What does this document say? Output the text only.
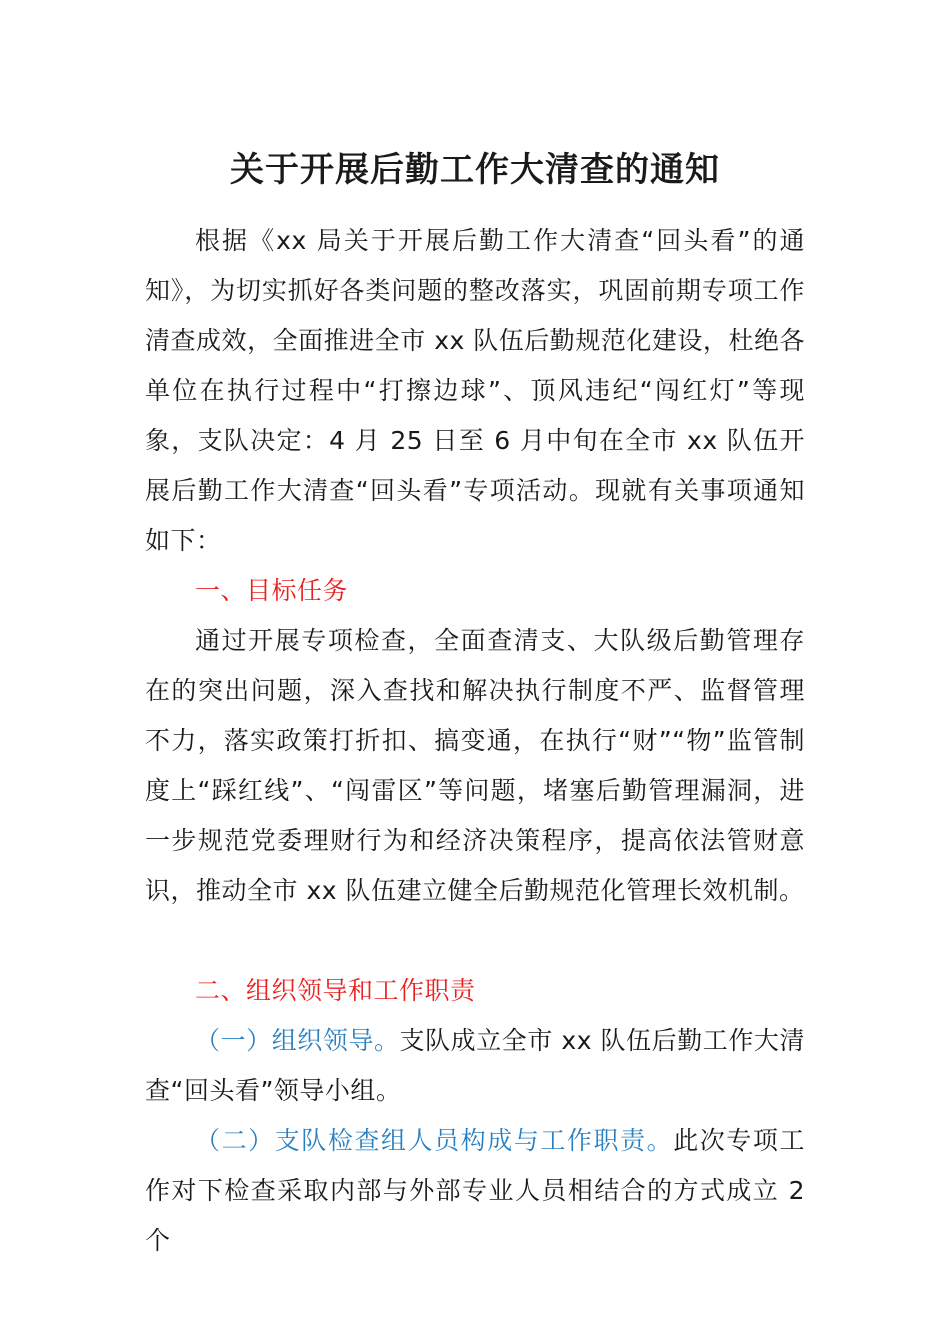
关于开展后勤工作大清查的通知

根据《xx 局关于开展后勤工作大清查“回头看”的通知》，为切实抓好各类问题的整改落实，巩固前期专项工作清查成效，全面推进全市 xx 队伍后勤规范化建设，杜绝各单位在执行过程中“打擦边球”、顶风违纪“闯红灯”等现象，支队决定：4 月 25 日至 6 月中旬在全市 xx 队伍开展后勤工作大清查“回头看”专项活动。现就有关事项通知如下：

一、目标任务

通过开展专项检查，全面查清支、大队级后勤管理存在的突出问题，深入查找和解决执行制度不严、监督管理不力，落实政策打折扣、搞变通，在执行“财”“物”监管制度上“踩红线”、“闯雷区”等问题，堵塞后勤管理漏洞，进一步规范党委理财行为和经济决策程序，提高依法管财意识，推动全市 xx 队伍建立健全后勤规范化管理长效机制。

二、组织领导和工作职责

（一）组织领导。支队成立全市 xx 队伍后勤工作大清查“回头看”领导小组。

（二）支队检查组人员构成与工作职责。此次专项工作对下检查采取内部与外部专业人员相结合的方式成立 2 个
